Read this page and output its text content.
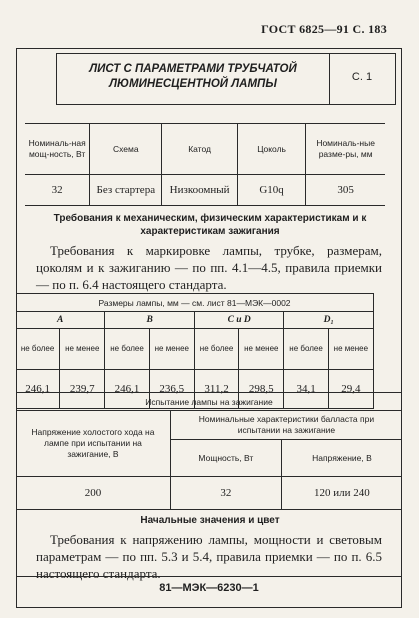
ГОСТ 6825—91 С. 183
ЛИСТ С ПАРАМЕТРАМИ ТРУБЧАТОЙ ЛЮМИНЕСЦЕНТНОЙ ЛАМПЫ
С. 1
Номиналь-ная мощ-ность, Вт	Схема	Катод	Цоколь	Номиналь-ные разме-ры, мм
32	Без стартера	Низкоомный	G10q	305
Требования к механическим, физическим характеристикам и к характеристикам зажигания
Требования к маркировке лампы, трубке, размерам, цоколям и к зажиганию — по пп. 4.1—4.5, правила приемки — по п. 6.4 настоящего стандарта.
Размеры лампы, мм — см. лист 81—МЭК—0002							
A		B		C и D		D₁	
не более	не менее	не более	не менее	не более	не менее	не более	не менее
246,1	239,7	246,1	236,5	311,2	298,5	34,1	29,4
Испытание лампы на зажигание		
Напряжение холостого хода на лампе при испытании на зажигание, В	Номинальные характеристики балласта при испытании на зажигание	
	Мощность, Вт	Напряжение, В
200	32	120 или 240
Начальные значения и цвет
Требования к напряжению лампы, мощности и световым параметрам — по пп. 5.3 и 5.4, правила приемки — по п. 6.5 настоящего стандарта.
81—МЭК—6230—1
